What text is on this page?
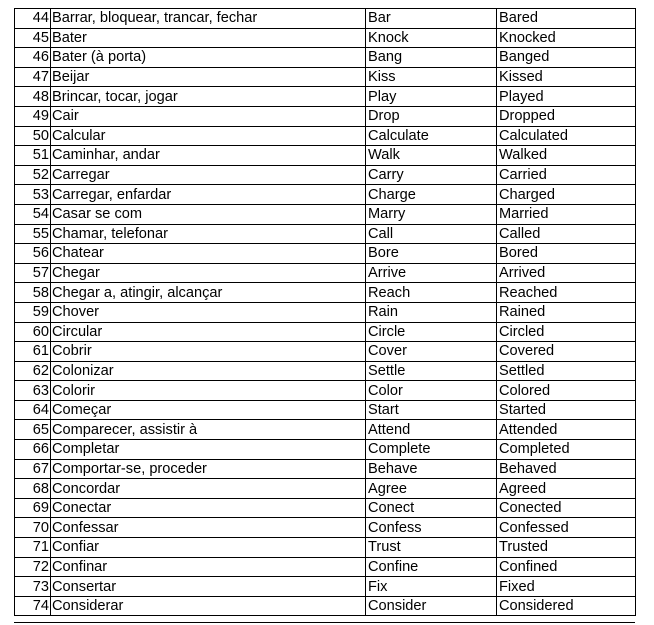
44	Barrar, bloquear, trancar, fechar	Bar	Bared
45	Bater	Knock	Knocked
46	Bater (à porta)	Bang	Banged
47	Beijar	Kiss	Kissed
48	Brincar, tocar, jogar	Play	Played
49	Cair	Drop	Dropped
50	Calcular	Calculate	Calculated
51	Caminhar, andar	Walk	Walked
52	Carregar	Carry	Carried
53	Carregar, enfardar	Charge	Charged
54	Casar se com	Marry	Married
55	Chamar, telefonar	Call	Called
56	Chatear	Bore	Bored
57	Chegar	Arrive	Arrived
58	Chegar a, atingir, alcançar	Reach	Reached
59	Chover	Rain	Rained
60	Circular	Circle	Circled
61	Cobrir	Cover	Covered
62	Colonizar	Settle	Settled
63	Colorir	Color	Colored
64	Começar	Start	Started
65	Comparecer, assistir à	Attend	Attended
66	Completar	Complete	Completed
67	Comportar-se, proceder	Behave	Behaved
68	Concordar	Agree	Agreed
69	Conectar	Conect	Conected
70	Confessar	Confess	Confessed
71	Confiar	Trust	Trusted
72	Confinar	Confine	Confined
73	Consertar	Fix	Fixed
74	Considerar	Consider	Considered
